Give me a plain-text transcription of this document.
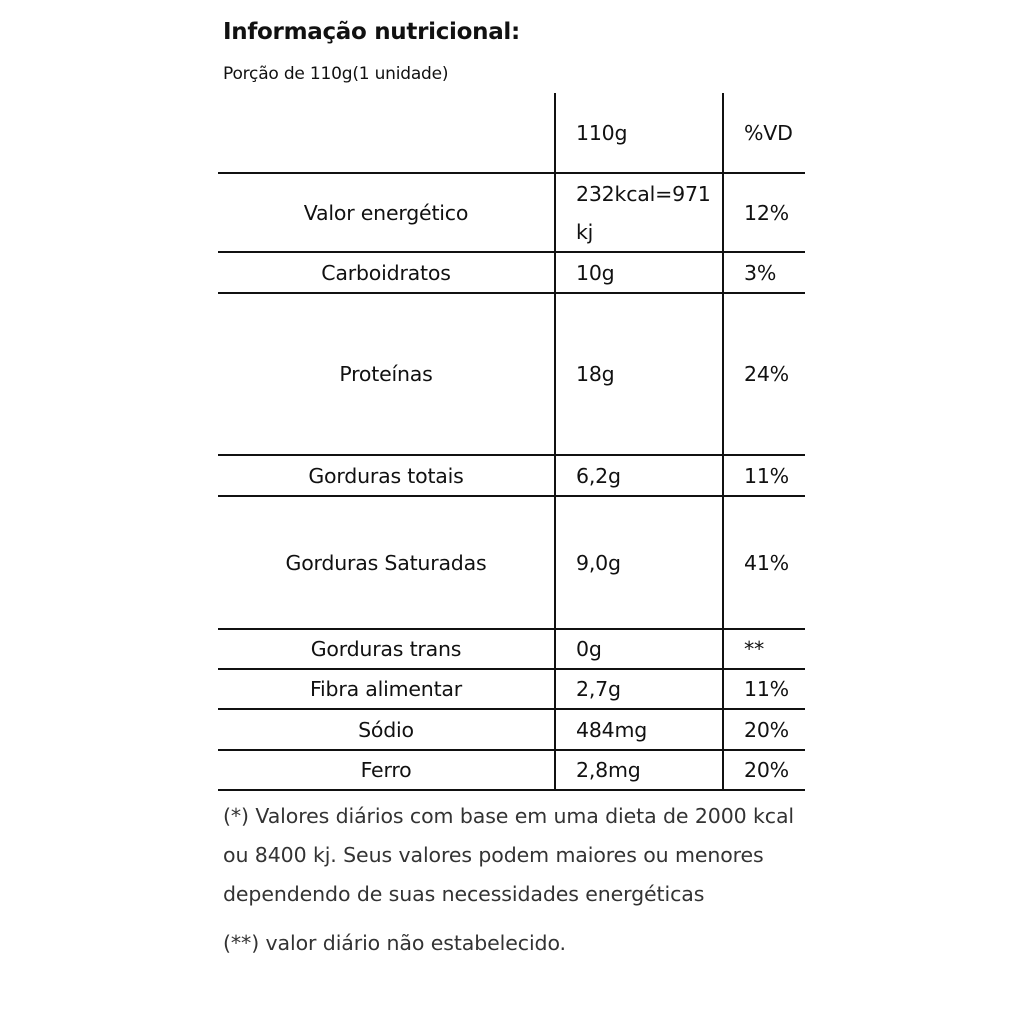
Informação nutricional:
Porção de 110g(1 unidade)
	110g	%VD
Valor energético	232kcal=971 kj	12%
Carboidratos	10g	3%
Proteínas	18g	24%
Gorduras totais	6,2g	11%
Gorduras Saturadas	9,0g	41%
Gorduras trans	0g	**
Fibra alimentar	2,7g	11%
Sódio	484mg	20%
Ferro	2,8mg	20%

(*) Valores diários com base em uma dieta de 2000 kcal ou 8400 kj. Seus valores podem maiores ou menores dependendo de suas necessidades energéticas

(**) valor diário não estabelecido.
